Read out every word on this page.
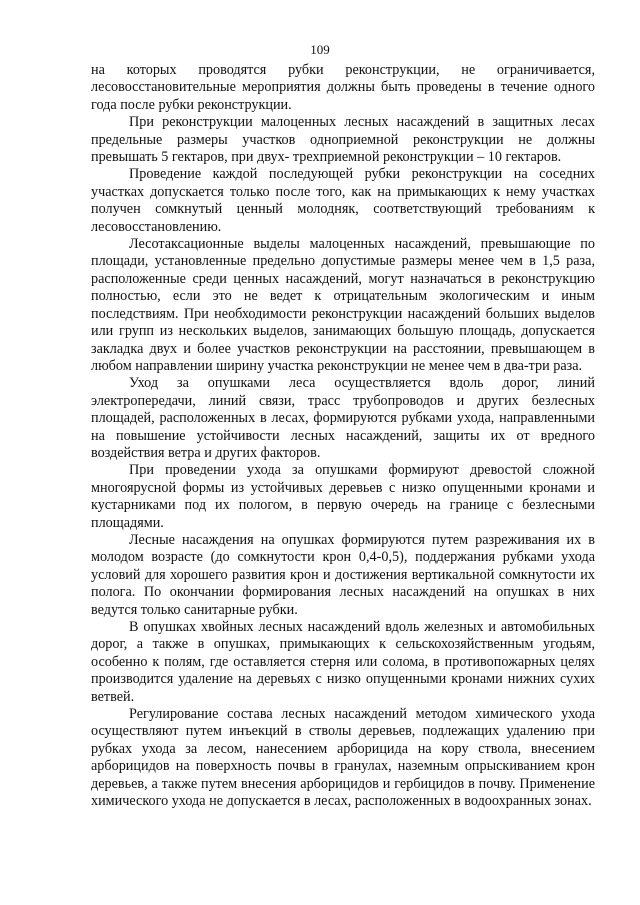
109

на которых проводятся рубки реконструкции, не ограничивается, лесовосстановительные мероприятия должны быть проведены в течение одного года после рубки реконструкции.

При реконструкции малоценных лесных насаждений в защитных лесах предельные размеры участков одноприемной реконструкции не должны превышать 5 гектаров, при двух- трехприемной реконструкции – 10 гектаров.

Проведение каждой последующей рубки реконструкции на соседних участках допускается только после того, как на примыкающих к нему участках получен сомкнутый ценный молодняк, соответствующий требованиям к лесовосстановлению.

Лесотаксационные выделы малоценных насаждений, превышающие по площади, установленные предельно допустимые размеры менее чем в 1,5 раза, расположенные среди ценных насаждений, могут назначаться в реконструкцию полностью, если это не ведет к отрицательным экологическим и иным последствиям. При необходимости реконструкции насаждений больших выделов или групп из нескольких выделов, занимающих большую площадь, допускается закладка двух и более участков реконструкции на расстоянии, превышающем в любом направлении ширину участка реконструкции не менее чем в два-три раза.

Уход за опушками леса осуществляется вдоль дорог, линий электропередачи, линий связи, трасс трубопроводов и других безлесных площадей, расположенных в лесах, формируются рубками ухода, направленными на повышение устойчивости лесных насаждений, защиты их от вредного воздействия ветра и других факторов.

При проведении ухода за опушками формируют древостой сложной многоярусной формы из устойчивых деревьев с низко опущенными кронами и кустарниками под их пологом, в первую очередь на границе с безлесными площадями.

Лесные насаждения на опушках формируются путем разреживания их в молодом возрасте (до сомкнутости крон 0,4-0,5), поддержания рубками ухода условий для хорошего развития крон и достижения вертикальной сомкнутости их полога. По окончании формирования лесных насаждений на опушках в них ведутся только санитарные рубки.

В опушках хвойных лесных насаждений вдоль железных и автомобильных дорог, а также в опушках, примыкающих к сельскохозяйственным угодьям, особенно к полям, где оставляется стерня или солома, в противопожарных целях производится удаление на деревьях с низко опущенными кронами нижних сухих ветвей.

Регулирование состава лесных насаждений методом химического ухода осуществляют путем инъекций в стволы деревьев, подлежащих удалению при рубках ухода за лесом, нанесением арборицида на кору ствола, внесением арборицидов на поверхность почвы в гранулах, наземным опрыскиванием крон деревьев, а также путем внесения арборицидов и гербицидов в почву. Применение химического ухода не допускается в лесах, расположенных в водоохранных зонах.
